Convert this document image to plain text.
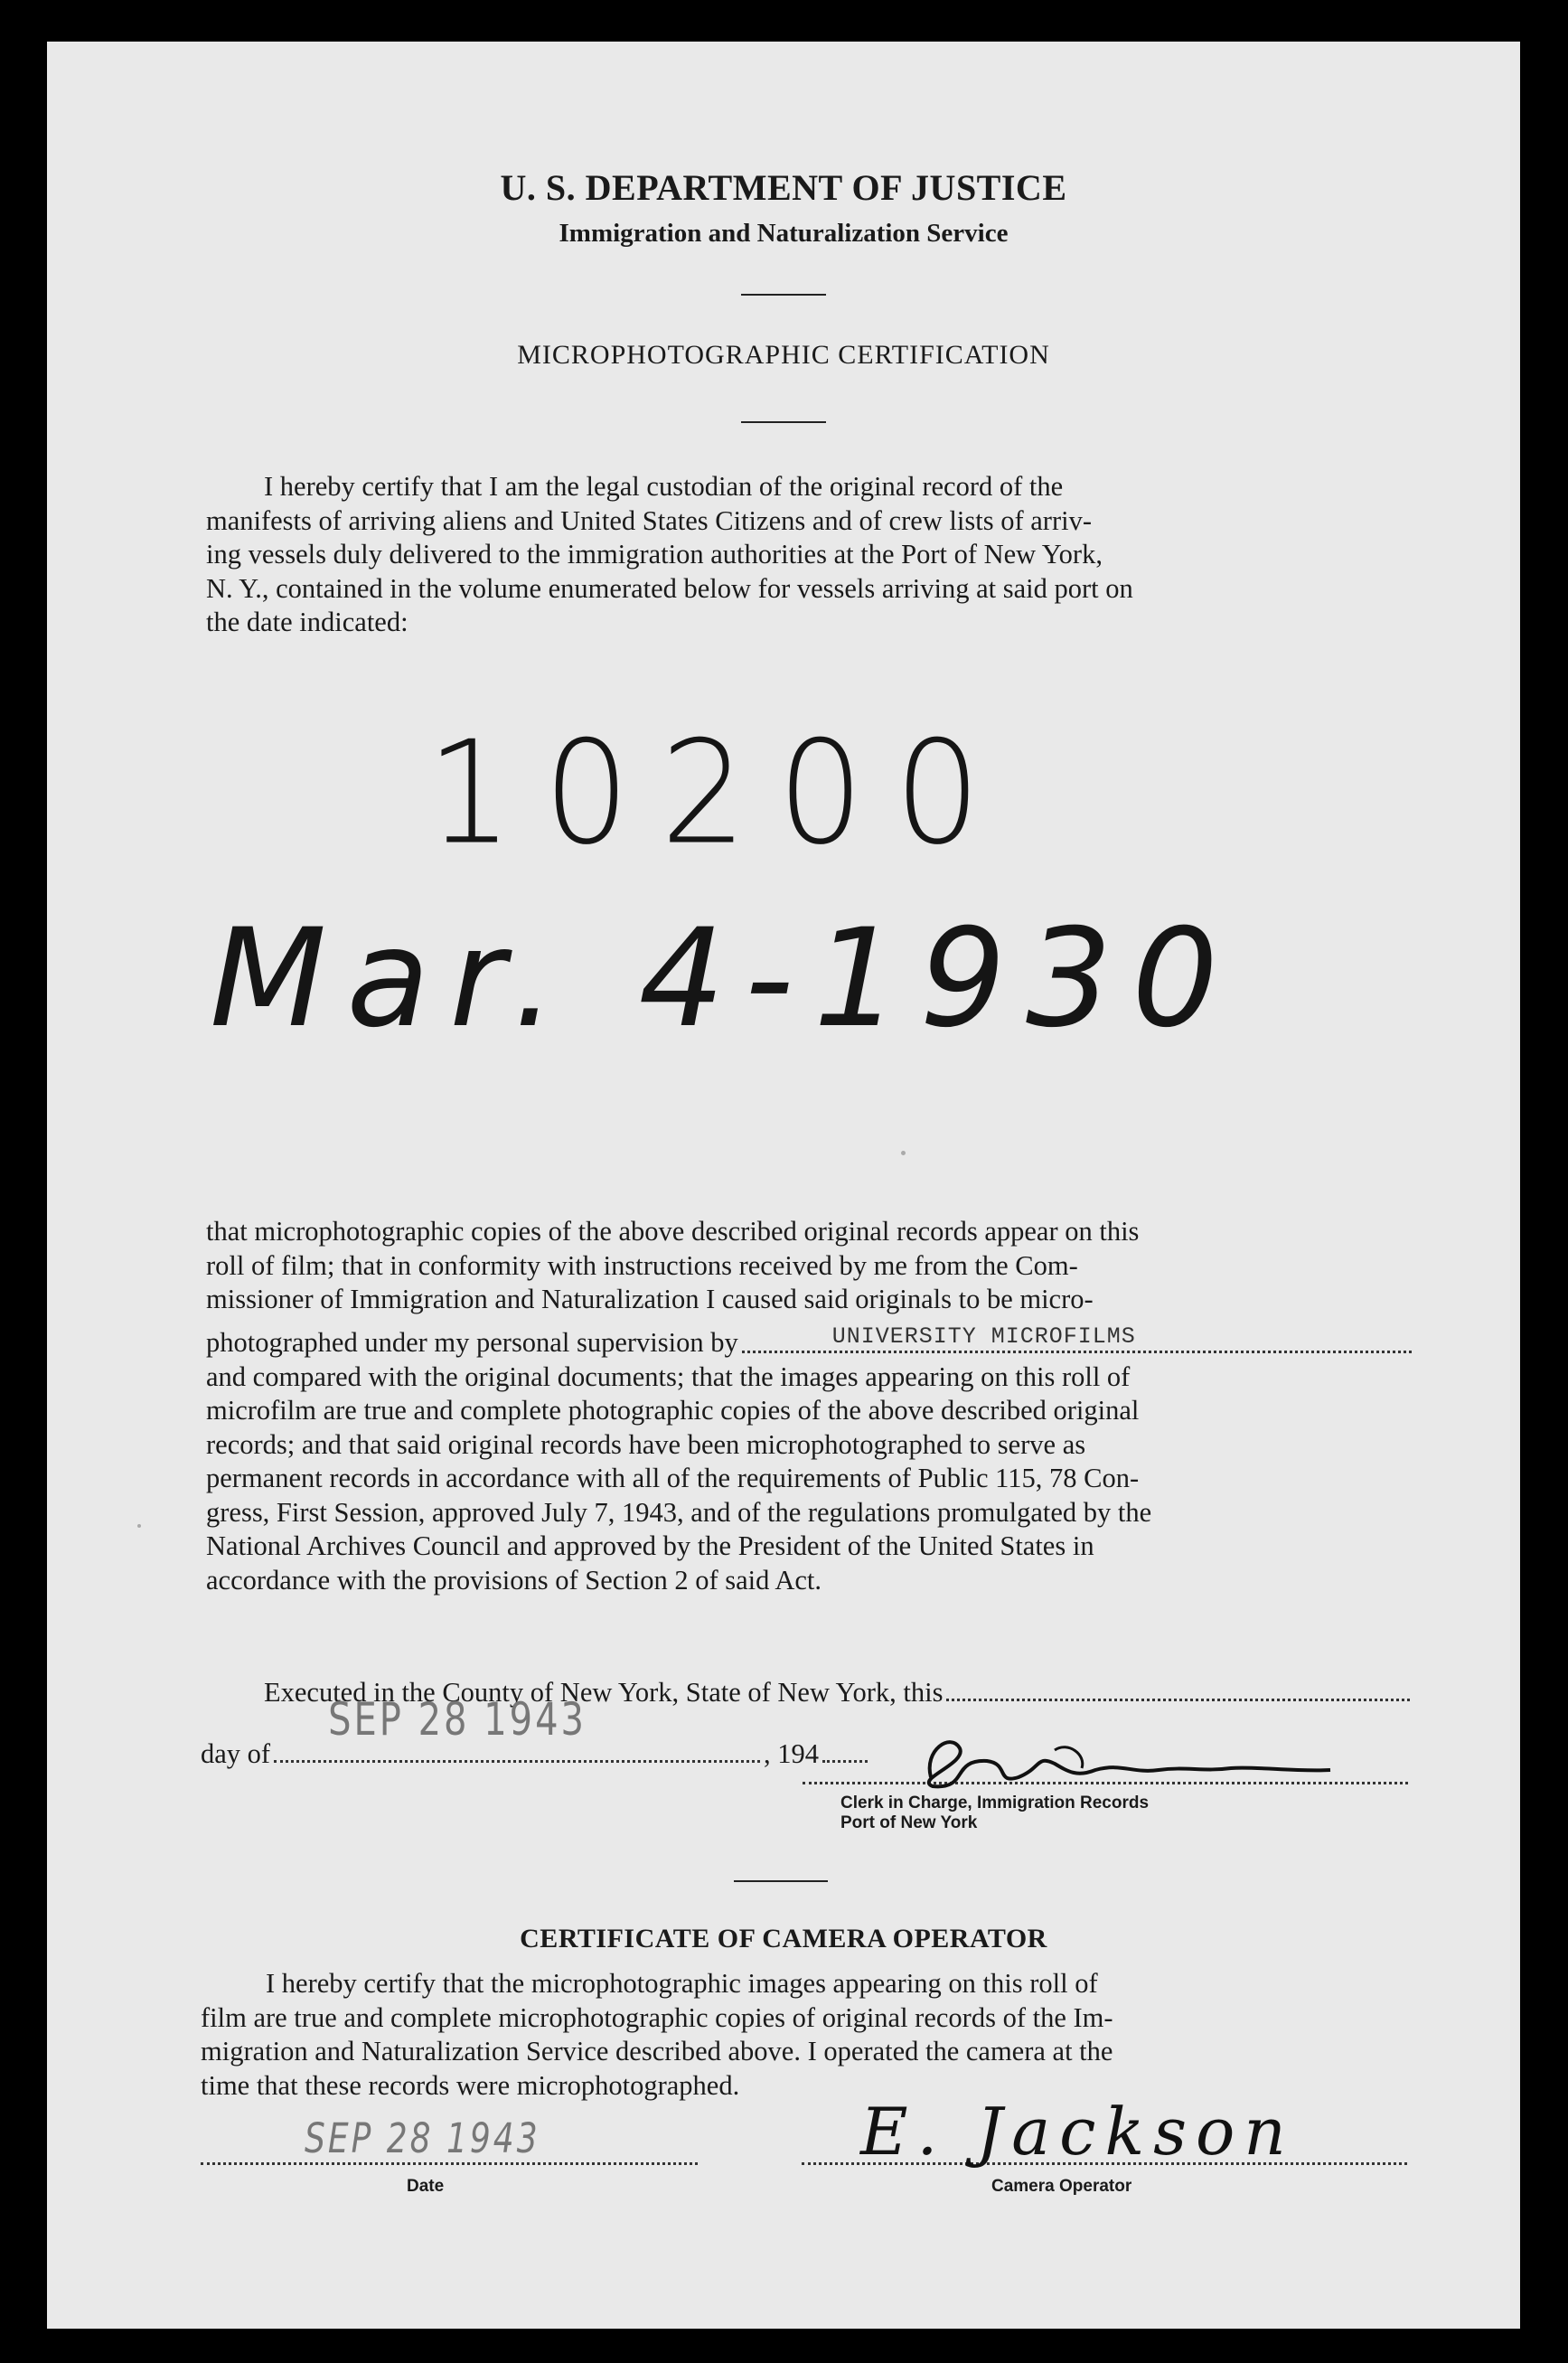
U. S. DEPARTMENT OF JUSTICE
Immigration and Naturalization Service
MICROPHOTOGRAPHIC CERTIFICATION
I hereby certify that I am the legal custodian of the original record of the
manifests of arriving aliens and United States Citizens and of crew lists of arriv-
ing vessels duly delivered to the immigration authorities at the Port of New York,
N. Y., contained in the volume enumerated below for vessels arriving at said port on
the date indicated:
10200
Mar. 4-1930
that microphotographic copies of the above described original records appear on this
roll of film; that in conformity with instructions received by me from the Com-
missioner of Immigration and Naturalization I caused said originals to be micro-
photographed under my personal supervision by	UNIVERSITY MICROFILMS
and compared with the original documents; that the images appearing on this roll of
microfilm are true and complete photographic copies of the above described original
records; and that said original records have been microphotographed to serve as
permanent records in accordance with all of the requirements of Public 115, 78 Con-
gress, First Session, approved July 7, 1943, and of the regulations promulgated by the
National Archives Council and approved by the President of the United States in
accordance with the provisions of Section 2 of said Act.
Executed in the County of New York, State of New York, this
day of
SEP 28 1943
, 194
Clerk in Charge, Immigration Records
Port of New York
CERTIFICATE OF CAMERA OPERATOR
I hereby certify that the microphotographic images appearing on this roll of
film are true and complete microphotographic copies of original records of the Im-
migration and Naturalization Service described above. I operated the camera at the
time that these records were microphotographed.
SEP 28 1943
Date
E. Jackson
Camera Operator
